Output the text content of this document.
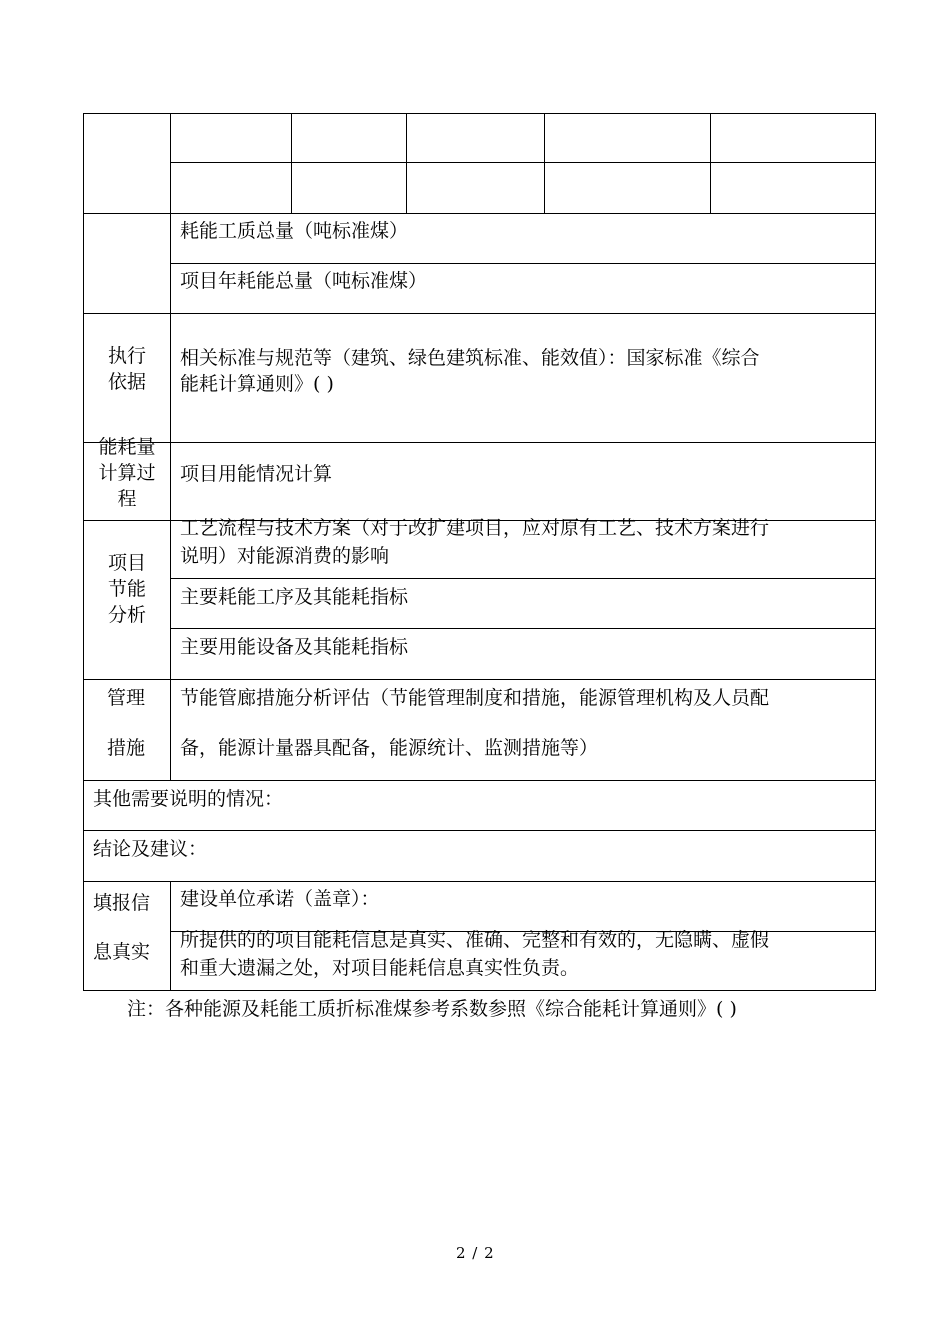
耗能工质总量（吨标准煤）
项目年耗能总量（吨标准煤）
执行
依据
相关标准与规范等（建筑、绿色建筑标准、能效值）：国家标准《综合
能耗计算通则》( )
能耗量
计算过
程
项目用能情况计算
项目
节能
分析
工艺流程与技术方案（对于改扩建项目，应对原有工艺、技术方案进行
说明）对能源消费的影响
主要耗能工序及其能耗指标
主要用能设备及其能耗指标
管理
措施
节能管廊措施分析评估（节能管理制度和措施，能源管理机构及人员配
备，能源计量器具配备，能源统计、监测措施等）
其他需要说明的情况：
结论及建议：
填报信
息真实
建设单位承诺（盖章）：
所提供的的项目能耗信息是真实、准确、完整和有效的，无隐瞒、虚假
和重大遗漏之处，对项目能耗信息真实性负责。
注：各种能源及耗能工质折标准煤参考系数参照《综合能耗计算通则》( )
2 / 2
